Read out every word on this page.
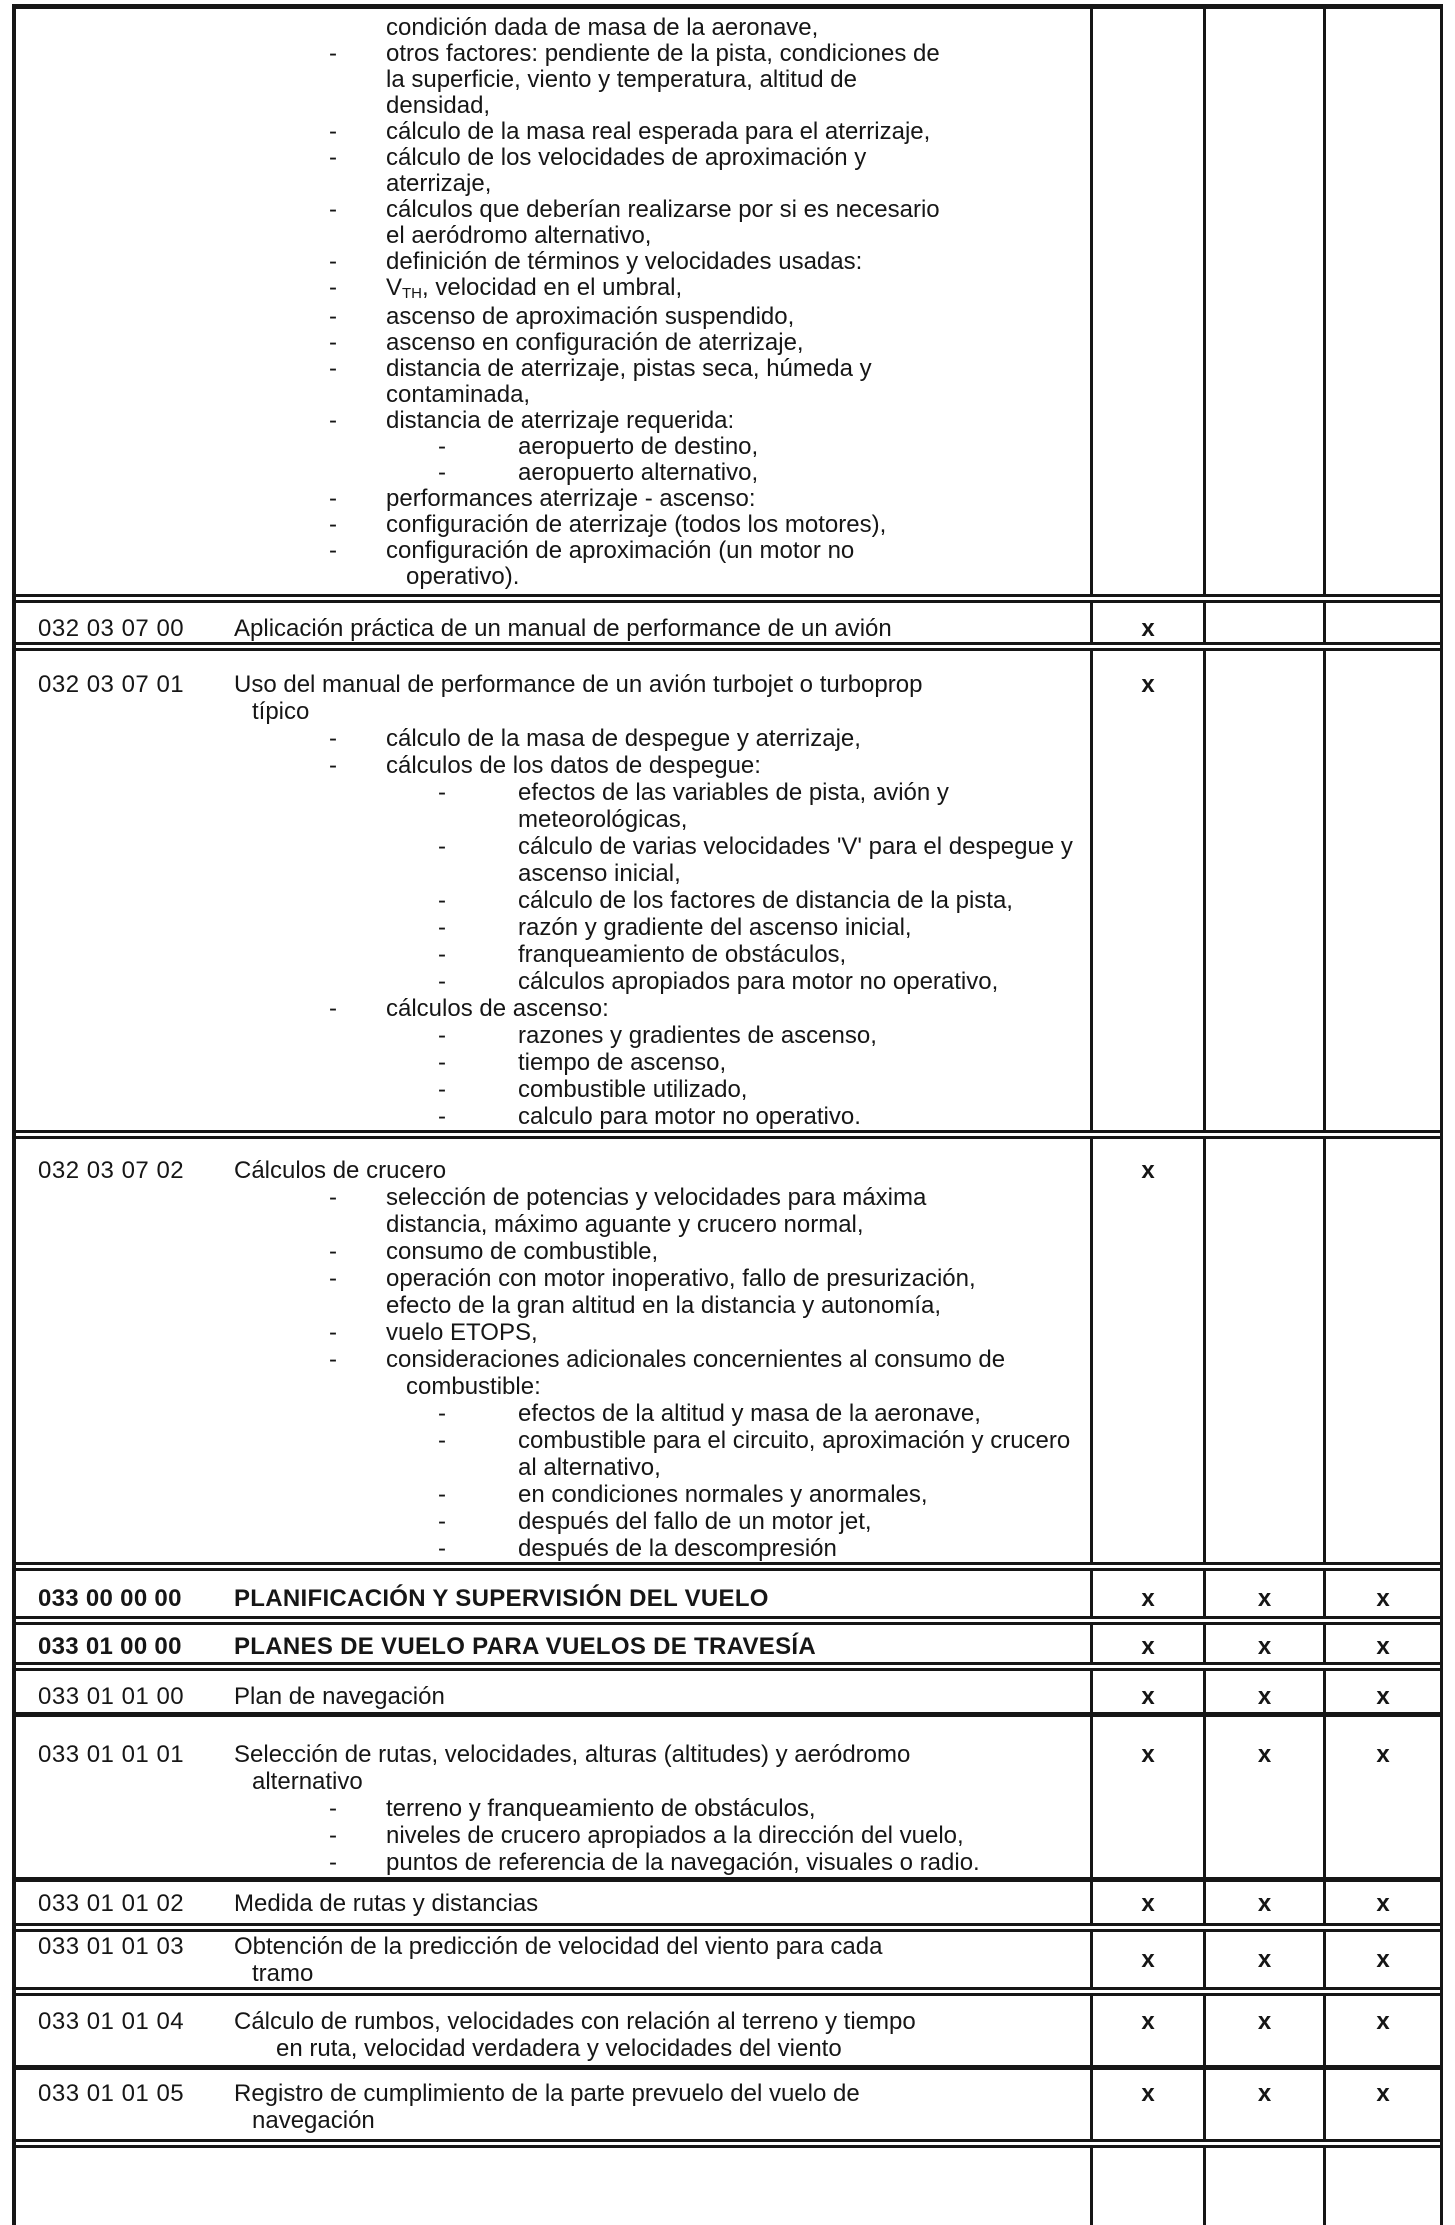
condición dada de masa de la aeronave,
- otros factores: pendiente de la pista, condiciones de
la superficie, viento y temperatura, altitud de
densidad,
- cálculo de la masa real esperada para el aterrizaje,
- cálculo de los velocidades de aproximación y
aterrizaje,
- cálculos que deberían realizarse por si es necesario
el aeródromo alternativo,
- definición de términos y velocidades usadas:
- VTH, velocidad en el umbral,
- ascenso de aproximación suspendido,
- ascenso en configuración de aterrizaje,
- distancia de aterrizaje, pistas seca, húmeda y
contaminada,
- distancia de aterrizaje requerida:
-	aeropuerto de destino,
-	aeropuerto alternativo,
- performances aterrizaje - ascenso:
- configuración de aterrizaje (todos los motores),
- configuración de aproximación (un motor no
operativo).
032 03 07 00	Aplicación práctica de un manual de performance de un avión	x
032 03 07 01	Uso del manual de performance de un avión turbojet o turboprop
típico
- cálculo de la masa de despegue y aterrizaje,
- cálculos de los datos de despegue:
-	efectos de las variables de pista, avión y
meteorológicas,
-	cálculo de varias velocidades 'V' para el despegue y
ascenso inicial,
-	cálculo de los factores de distancia de la pista,
-	razón y gradiente del ascenso inicial,
-	franqueamiento de obstáculos,
-	cálculos apropiados para motor no operativo,
- cálculos de ascenso:
-	razones y gradientes de ascenso,
-	tiempo de ascenso,
-	combustible utilizado,
-	calculo para motor no operativo.
x
032 03 07 02	Cálculos de crucero
- selección de potencias y velocidades para máxima
distancia, máximo aguante y crucero normal,
- consumo de combustible,
- operación con motor inoperativo, fallo de presurización,
efecto de la gran altitud en la distancia y autonomía,
- vuelo ETOPS,
- consideraciones adicionales concernientes al consumo de
combustible:
-	efectos de la altitud y masa de la aeronave,
-	combustible para el circuito, aproximación y crucero
al alternativo,
-	en condiciones normales y anormales,
-	después del fallo de un motor jet,
-	después de la descompresión
x
033 00 00 00	PLANIFICACIÓN Y SUPERVISIÓN DEL VUELO	x	x	x
033 01 00 00	PLANES DE VUELO PARA VUELOS DE TRAVESÍA	x	x	x
033 01 01 00	Plan de navegación	x	x	x
033 01 01 01	Selección de rutas, velocidades, alturas (altitudes) y aeródromo
alternativo
- terreno y franqueamiento de obstáculos,
- niveles de crucero apropiados a la dirección del vuelo,
- puntos de referencia de la navegación, visuales o radio.
x	x	x
033 01 01 02	Medida de rutas y distancias	x	x	x
033 01 01 03	Obtención de la predicción de velocidad del viento para cada
tramo
x	x	x
033 01 01 04	Cálculo de rumbos, velocidades con relación al terreno y tiempo
en ruta, velocidad verdadera y velocidades del viento
x	x	x
033 01 01 05	Registro de cumplimiento de la parte prevuelo del vuelo de
navegación
x	x	x
